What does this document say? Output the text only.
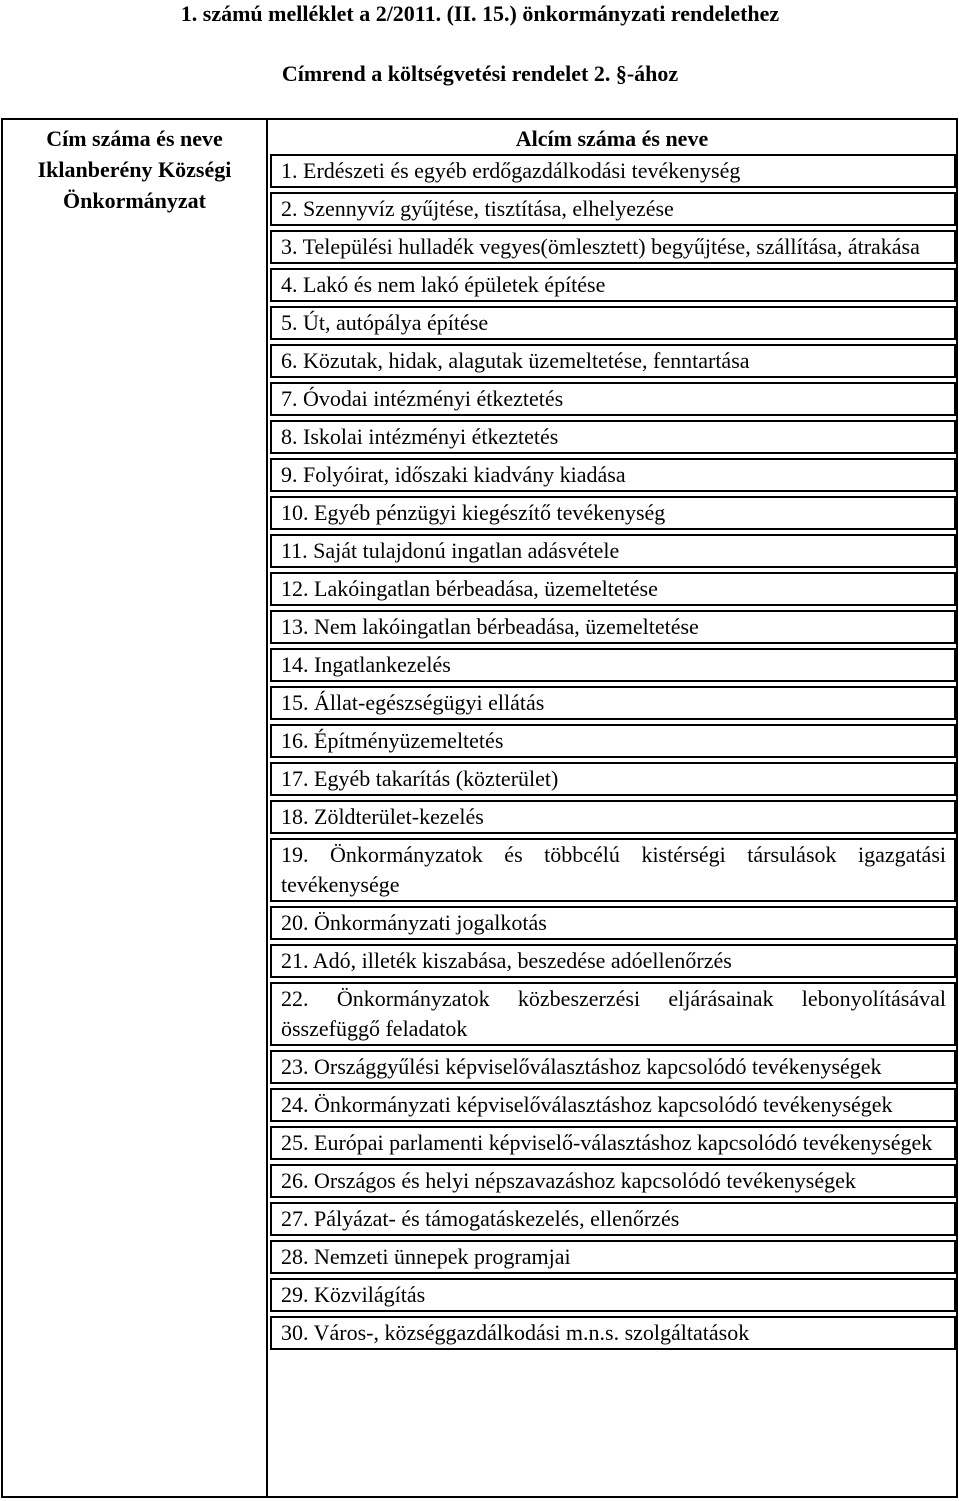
1. számú melléklet a 2/2011. (II. 15.) önkormányzati rendelethez
Címrend a költségvetési rendelet 2. §-ához
Cím száma és neve
Iklanberény Községi Önkormányzat
Alcím száma és neve
1. Erdészeti és egyéb erdőgazdálkodási tevékenység
2. Szennyvíz gyűjtése, tisztítása, elhelyezése
3. Települési hulladék vegyes(ömlesztett) begyűjtése, szállítása, átrakása
4. Lakó és nem lakó épületek építése
5. Út, autópálya építése
6. Közutak, hidak, alagutak üzemeltetése, fenntartása
7. Óvodai intézményi étkeztetés
8. Iskolai intézményi étkeztetés
9. Folyóirat, időszaki kiadvány kiadása
10. Egyéb pénzügyi kiegészítő tevékenység
11. Saját tulajdonú ingatlan adásvétele
12. Lakóingatlan bérbeadása, üzemeltetése
13. Nem lakóingatlan bérbeadása, üzemeltetése
14. Ingatlankezelés
15. Állat-egészségügyi ellátás
16. Építményüzemeltetés
17. Egyéb takarítás (közterület)
18. Zöldterület-kezelés
19. Önkormányzatok és többcélú kistérségi társulások igazgatási tevékenysége
20. Önkormányzati jogalkotás
21. Adó, illeték kiszabása, beszedése adóellenőrzés
22. Önkormányzatok közbeszerzési eljárásainak lebonyolításával összefüggő feladatok
23. Országgyűlési képviselőválasztáshoz kapcsolódó tevékenységek
24. Önkormányzati képviselőválasztáshoz kapcsolódó tevékenységek
25. Európai parlamenti képviselő-választáshoz kapcsolódó tevékenységek
26. Országos és helyi népszavazáshoz kapcsolódó tevékenységek
27. Pályázat- és támogatáskezelés, ellenőrzés
28. Nemzeti ünnepek programjai
29. Közvilágítás
30. Város-, községgazdálkodási m.n.s. szolgáltatások
